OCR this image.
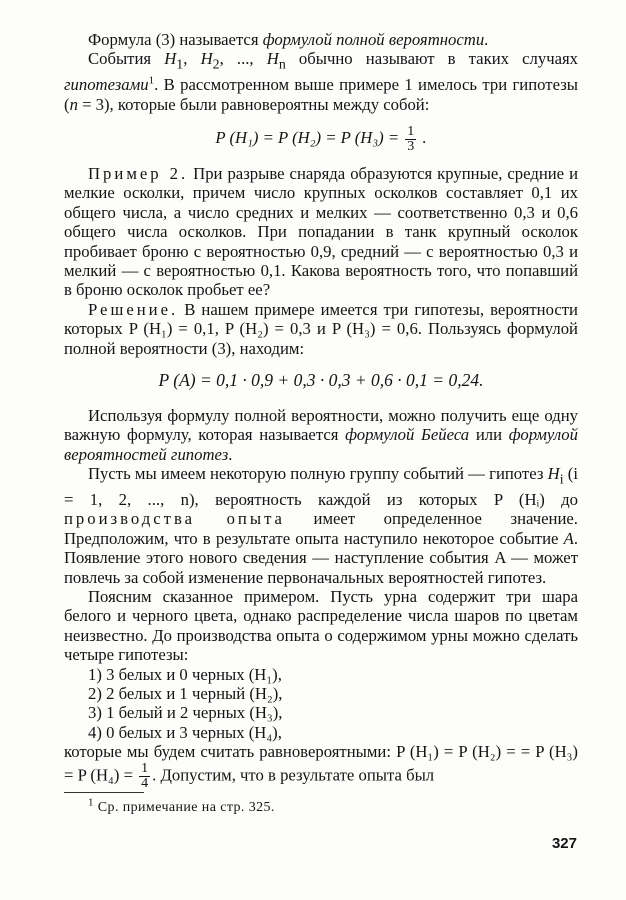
Формула (3) называется формулой полной вероятности.

События $H_1$, $H_2$, ..., $H_n$ обычно называют в таких случаях гипотезами$^1$. В рассмотренном выше примере 1 имелось три гипотезы (n = 3), которые были равновероятны между собой:

P (H₁) = P (H₂) = P $(H_3) = \frac{1}{3}$ .

Пример 2. При разрыве снаряда образуются крупные, средние и мелкие осколки, причем число крупных осколков составляет 0,1 их общего числа, а число средних и мелких — соответственно 0,3 и 0,6 общего числа осколков. При попадании в танк крупный осколок пробивает броню с вероятностью 0,9, средний — с вероятностью 0,3 и мелкий — с вероятностью 0,1. Какова вероятность того, что попавший в броню осколок пробьет ее?

Решение. В нашем примере имеется три гипотезы, вероятности которых P (H₁) = 0,1, P (H₂) = 0,3 и P (H₃) = 0,6. Пользуясь формулой полной вероятности (3), находим:

P (A) = 0,1 · 0,9 + 0,3 · 0,3 + 0,6 · 0,1 = 0,24.

Используя формулу полной вероятности, можно получить еще одну важную формулу, которая называется формулой Бейеса или формулой вероятностей гипотез.

Пусть мы имеем некоторую полную группу событий — гипотез $H_i$ (i = 1, 2, ..., n), вероятность каждой из которых P (Hᵢ) до производства опыта имеет определенное значение. Предположим, что в результате опыта наступило некоторое событие A. Появление этого нового сведения — наступление события A — может повлечь за собой изменение первоначальных вероятностей гипотез.

Поясним сказанное примером. Пусть урна содержит три шара белого и черного цвета, однако распределение числа шаров по цветам неизвестно. До производства опыта о содержимом урны можно сделать четыре гипотезы:

1) 3 белых и 0 черных (H₁),
2) 2 белых и 1 черный (H₂),
3) 1 белый и 2 черных (H₃),
4) 0 белых и 3 черных (H₄),

которые мы будем считать равновероятными: P (H₁) = P (H₂) = = P (H₃) = P $(H_4) = \frac{1}{4}$ . Допустим, что в результате опыта был

$^1$ Ср. примечание на стр. 325.
327
